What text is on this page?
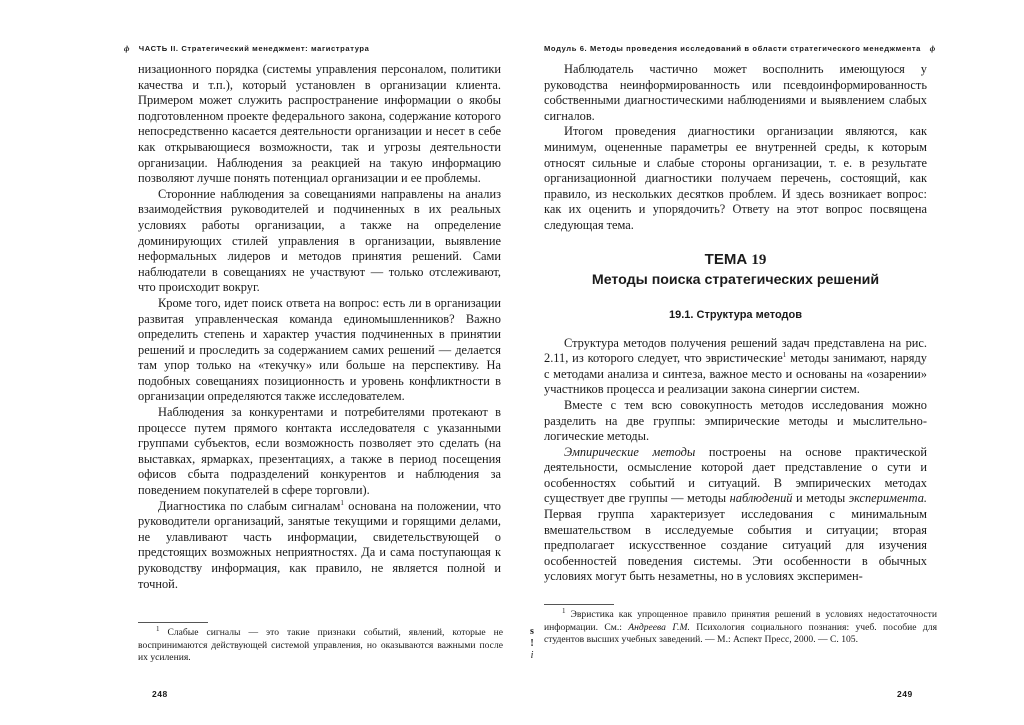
ф ЧАСТЬ II. Стратегический менеджмент: магистратура

низационного порядка (системы управления персоналом, политики качества и т.п.), который установлен в организации клиента. Примером может служить распространение информации о якобы подготовленном проекте федерального закона, содержание которого непосредственно касается деятельности организации и несет в себе как открывающиеся возможности, так и угрозы деятельности организации. Наблюдения за реакцией на такую информацию позволяют лучше понять потенциал организации и ее проблемы.

Сторонние наблюдения за совещаниями направлены на анализ взаимодействия руководителей и подчиненных в их реальных условиях работы организации, а также на определение доминирующих стилей управления в организации, выявление неформальных лидеров и методов принятия решений. Сами наблюдатели в совещаниях не участвуют — только отслеживают, что происходит вокруг.

Кроме того, идет поиск ответа на вопрос: есть ли в организации развитая управленческая команда единомышленников? Важно определить степень и характер участия подчиненных в принятии решений и проследить за содержанием самих решений — делается там упор только на «текучку» или больше на перспективу. На подобных совещаниях позиционность и уровень конфликтности в организации определяются также исследователем.

Наблюдения за конкурентами и потребителями протекают в процессе путем прямого контакта исследователя с указанными группами субъектов, если возможность позволяет это сделать (на выставках, ярмарках, презентациях, а также в период посещения офисов сбыта подразделений конкурентов и наблюдения за поведением покупателей в сфере торговли).

Диагностика по слабым сигналам$^1$ основана на положении, что руководители организаций, занятые текущими и горящими делами, не улавливают часть информации, свидетельствующей о предстоящих возможных неприятностях. Да и сама поступающая к руководству информация, как правило, не является полной и точной.

$^1$ Слабые сигналы — это такие признаки событий, явлений, которые не воспринимаются действующей системой управления, но оказываются важными после их усиления.

248
s
!
i
Модуль 6. Методы проведения исследований в области стратегического менеджмента ф

Наблюдатель частично может восполнить имеющуюся у руководства неинформированность или псевдоинформированность собственными диагностическими наблюдениями и выявлением слабых сигналов.

Итогом проведения диагностики организации являются, как минимум, оцененные параметры ее внутренней среды, к которым относят сильные и слабые стороны организации, т. е. в результате организационной диагностики получаем перечень, состоящий, как правило, из нескольких десятков проблем. И здесь возникает вопрос: как их оценить и упорядочить? Ответу на этот вопрос посвящена следующая тема.

ТЕМА 19
Методы поиска стратегических решений
19.1. Структура методов

Структура методов получения решений задач представлена на рис. 2.11, из которого следует, что эвристические$^1$ методы занимают, наряду с методами анализа и синтеза, важное место и основаны на «озарении» участников процесса и реализации закона синергии систем.

Вместе с тем всю совокупность методов исследования можно разделить на две группы: эмпирические методы и мыслительно-логические методы.

Эмпирические методы построены на основе практической деятельности, осмысление которой дает представление о сути и особенностях событий и ситуаций. В эмпирических методах существует две группы — методы наблюдений и методы эксперимента. Первая группа характеризует исследования с минимальным вмешательством в исследуемые события и ситуации; вторая предполагает искусственное создание ситуаций для изучения особенностей поведения системы. Эти особенности в обычных условиях могут быть незаметны, но в условиях эксперимен-

$^1$ Эвристика как упрощенное правило принятия решений в условиях недостаточности информации. См.: Андреева Г.М. Психология социального познания: учеб. пособие для студентов высших учебных заведений. — М.: Аспект Пресс, 2000. — С. 105.

249
